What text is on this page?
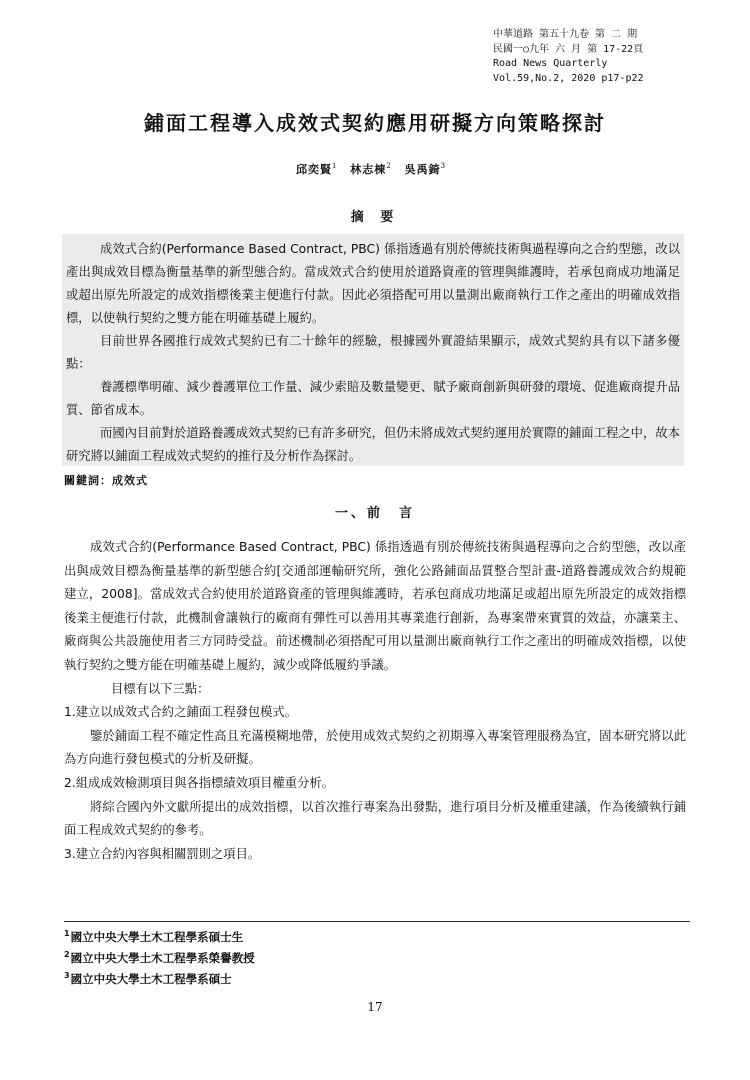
中華道路 第五十九卷 第 二 期
民國一○九年 六 月 第 17-22頁
Road News Quarterly
Vol.59,No.2, 2020 p17-p22
鋪面工程導入成效式契約應用研擬方向策略探討
邱奕賢$^1$ 林志棟$^2$ 吳禹錡$^3$
摘 要

成效式合約(Performance Based Contract, PBC) 係指透過有別於傳統技術與過程導向之合約型態，改以產出與成效目標為衡量基準的新型態合約。當成效式合約使用於道路資產的管理與維護時，若承包商成功地滿足或超出原先所設定的成效指標後業主便進行付款。因此必須搭配可用以量測出廠商執行工作之產出的明確成效指標，以使執行契約之雙方能在明確基礎上履約。

目前世界各國推行成效式契約已有二十餘年的經驗，根據國外實證結果顯示，成效式契約具有以下諸多優點：

養護標準明確、減少養護單位工作量、減少索賠及數量變更、賦予廠商創新與研發的環境、促進廠商提升品質、節省成本。

而國內目前對於道路養護成效式契約已有許多研究，但仍未將成效式契約運用於實際的鋪面工程之中，故本研究將以鋪面工程成效式契約的推行及分析作為探討。

關鍵詞：成效式
一、前　言

成效式合約(Performance Based Contract, PBC) 係指透過有別於傳統技術與過程導向之合約型態，改以產出與成效目標為衡量基準的新型態合約[交通部運輸研究所，強化公路鋪面品質整合型計畫-道路養護成效合約規範建立，2008]。當成效式合約使用於道路資產的管理與維護時，若承包商成功地滿足或超出原先所設定的成效指標後業主便進行付款，此機制會讓執行的廠商有彈性可以善用其專業進行創新，為專案帶來實質的效益，亦讓業主、廠商與公共設施使用者三方同時受益。前述機制必須搭配可用以量測出廠商執行工作之產出的明確成效指標，以使執行契約之雙方能在明確基礎上履約，減少或降低履約爭議。

目標有以下三點：

1.建立以成效式合約之鋪面工程發包模式。

鑒於鋪面工程不確定性高且充滿模糊地帶，於使用成效式契約之初期導入專案管理服務為宜，固本研究將以此為方向進行發包模式的分析及研擬。

2.組成成效檢測項目與各指標績效項目權重分析。

將綜合國內外文獻所提出的成效指標，以首次推行專案為出發點，進行項目分析及權重建議，作為後續執行鋪面工程成效式契約的參考。

3.建立合約內容與相關罰則之項目。

$^1$國立中央大學土木工程學系碩士生
$^2$國立中央大學土木工程學系榮譽教授
$^3$國立中央大學土木工程學系碩士
17
